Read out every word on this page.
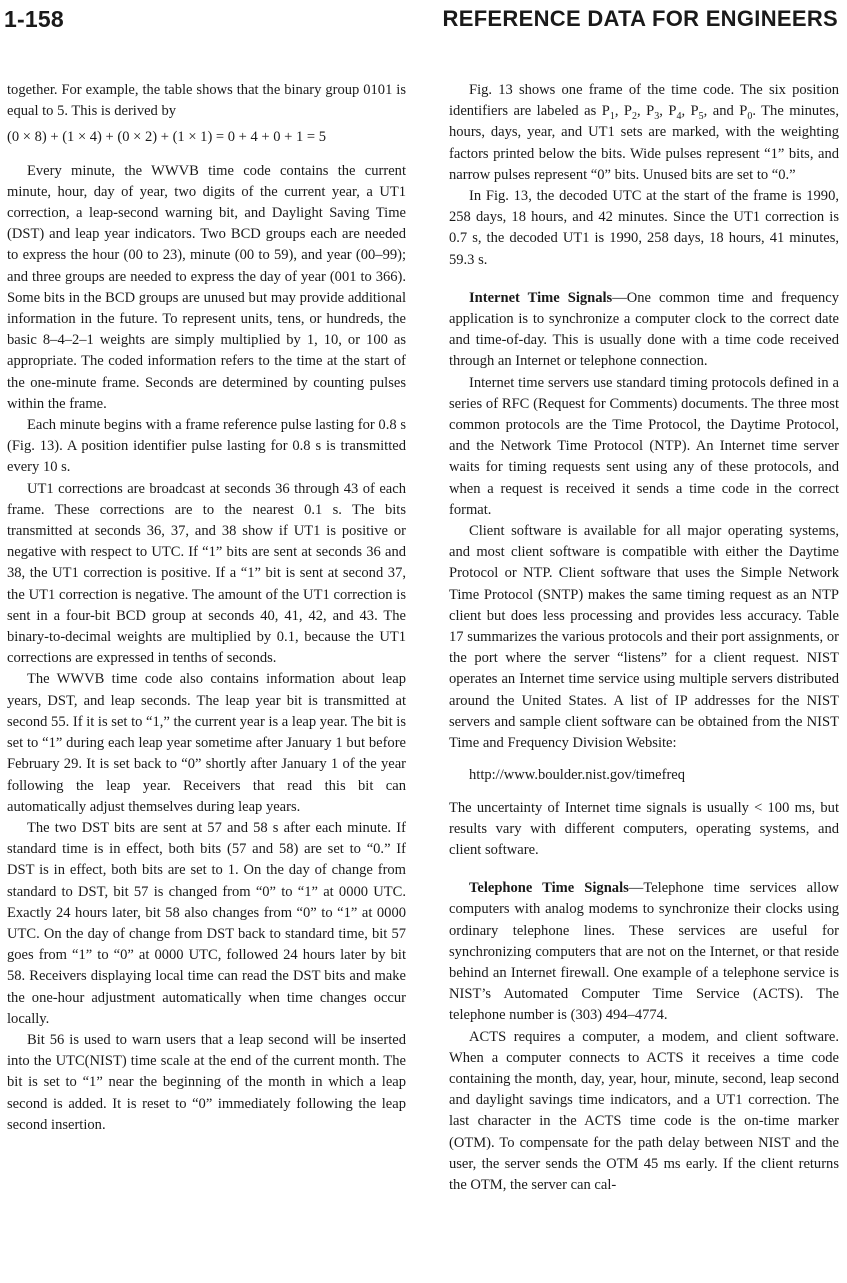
1-158	REFERENCE DATA FOR ENGINEERS

together. For example, the table shows that the binary group 0101 is equal to 5. This is derived by

(0 × 8) + (1 × 4) + (0 × 2) + (1 × 1) = 0 + 4 + 0 + 1 = 5

Every minute, the WWVB time code contains the current minute, hour, day of year, two digits of the current year, a UT1 correction, a leap-second warning bit, and Daylight Saving Time (DST) and leap year indicators. Two BCD groups each are needed to express the hour (00 to 23), minute (00 to 59), and year (00–99); and three groups are needed to express the day of year (001 to 366). Some bits in the BCD groups are unused but may provide additional information in the future. To represent units, tens, or hundreds, the basic 8–4–2–1 weights are simply multiplied by 1, 10, or 100 as appropriate. The coded information refers to the time at the start of the one-minute frame. Seconds are determined by counting pulses within the frame.

Each minute begins with a frame reference pulse lasting for 0.8 s (Fig. 13). A position identifier pulse lasting for 0.8 s is transmitted every 10 s.

UT1 corrections are broadcast at seconds 36 through 43 of each frame. These corrections are to the nearest 0.1 s. The bits transmitted at seconds 36, 37, and 38 show if UT1 is positive or negative with respect to UTC. If “1” bits are sent at seconds 36 and 38, the UT1 correction is positive. If a “1” bit is sent at second 37, the UT1 correction is negative. The amount of the UT1 correction is sent in a four-bit BCD group at seconds 40, 41, 42, and 43. The binary-to-decimal weights are multiplied by 0.1, because the UT1 corrections are expressed in tenths of seconds.

The WWVB time code also contains information about leap years, DST, and leap seconds. The leap year bit is transmitted at second 55. If it is set to “1,” the current year is a leap year. The bit is set to “1” during each leap year sometime after January 1 but before February 29. It is set back to “0” shortly after January 1 of the year following the leap year. Receivers that read this bit can automatically adjust themselves during leap years.

The two DST bits are sent at 57 and 58 s after each minute. If standard time is in effect, both bits (57 and 58) are set to “0.” If DST is in effect, both bits are set to 1. On the day of change from standard to DST, bit 57 is changed from “0” to “1” at 0000 UTC. Exactly 24 hours later, bit 58 also changes from “0” to “1” at 0000 UTC. On the day of change from DST back to standard time, bit 57 goes from “1” to “0” at 0000 UTC, followed 24 hours later by bit 58. Receivers displaying local time can read the DST bits and make the one-hour adjustment automatically when time changes occur locally.

Bit 56 is used to warn users that a leap second will be inserted into the UTC(NIST) time scale at the end of the current month. The bit is set to “1” near the beginning of the month in which a leap second is added. It is reset to “0” immediately following the leap second insertion.

Fig. 13 shows one frame of the time code. The six position identifiers are labeled as $P_1$, $P_2$, $P_3$, $P_4$, $P_5$, and $P_0$. The minutes, hours, days, year, and UT1 sets are marked, with the weighting factors printed below the bits. Wide pulses represent “1” bits, and narrow pulses represent “0” bits. Unused bits are set to “0.”

In Fig. 13, the decoded UTC at the start of the frame is 1990, 258 days, 18 hours, and 42 minutes. Since the UT1 correction is 0.7 s, the decoded UT1 is 1990, 258 days, 18 hours, 41 minutes, 59.3 s.

Internet Time Signals—One common time and frequency application is to synchronize a computer clock to the correct date and time-of-day. This is usually done with a time code received through an Internet or telephone connection.

Internet time servers use standard timing protocols defined in a series of RFC (Request for Comments) documents. The three most common protocols are the Time Protocol, the Daytime Protocol, and the Network Time Protocol (NTP). An Internet time server waits for timing requests sent using any of these protocols, and when a request is received it sends a time code in the correct format.

Client software is available for all major operating systems, and most client software is compatible with either the Daytime Protocol or NTP. Client software that uses the Simple Network Time Protocol (SNTP) makes the same timing request as an NTP client but does less processing and provides less accuracy. Table 17 summarizes the various protocols and their port assignments, or the port where the server “listens” for a client request. NIST operates an Internet time service using multiple servers distributed around the United States. A list of IP addresses for the NIST servers and sample client software can be obtained from the NIST Time and Frequency Division Website:

http://www.boulder.nist.gov/timefreq

The uncertainty of Internet time signals is usually < 100 ms, but results vary with different computers, operating systems, and client software.

Telephone Time Signals—Telephone time services allow computers with analog modems to synchronize their clocks using ordinary telephone lines. These services are useful for synchronizing computers that are not on the Internet, or that reside behind an Internet firewall. One example of a telephone service is NIST’s Automated Computer Time Service (ACTS). The telephone number is (303) 494–4774.

ACTS requires a computer, a modem, and client software. When a computer connects to ACTS it receives a time code containing the month, day, year, hour, minute, second, leap second and daylight savings time indicators, and a UT1 correction. The last character in the ACTS time code is the on-time marker (OTM). To compensate for the path delay between NIST and the user, the server sends the OTM 45 ms early. If the client returns the OTM, the server can cal-
